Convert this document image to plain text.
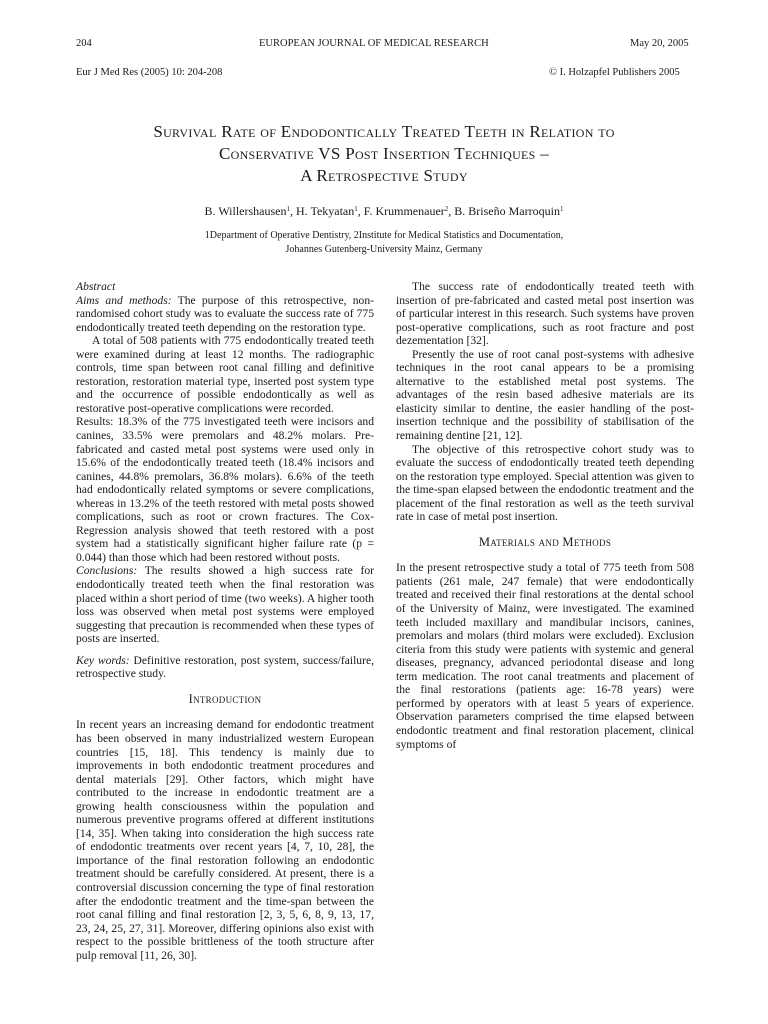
204	EUROPEAN JOURNAL OF MEDICAL RESEARCH	May 20, 2005
Eur J Med Res (2005) 10: 204-208	© I. Holzapfel Publishers 2005
Survival Rate of Endodontically Treated Teeth in Relation to
Conservative VS Post Insertion Techniques –
A Retrospective Study
B. Willershausen$^1$, H. Tekyatan$^1$, F. Krummenauer$^2$, B. Briseño Marroquin$^1$
1Department of Operative Dentistry, 2Institute for Medical Statistics and Documentation,
Johannes Gutenberg-University Mainz, Germany

Abstract

Aims and methods: The purpose of this retrospective, non-randomised cohort study was to evaluate the success rate of 775 endodontically treated teeth depending on the restoration type.

A total of 508 patients with 775 endodontically treated teeth were examined during at least 12 months. The radiographic controls, time span between root canal filling and definitive restoration, restoration material type, inserted post system type and the occurrence of possible endodontically as well as restorative post-operative complications were recorded.

Results: 18.3% of the 775 investigated teeth were incisors and canines, 33.5% were premolars and 48.2% molars. Pre-fabricated and casted metal post systems were used only in 15.6% of the endodontically treated teeth (18.4% incisors and canines, 44.8% premolars, 36.8% molars). 6.6% of the teeth had endodontically related symptoms or severe complications, whereas in 13.2% of the teeth restored with metal posts showed complications, such as root or crown fractures. The Cox-Regression analysis showed that teeth restored with a post system had a statistically significant higher failure rate (p = 0.044) than those which had been restored without posts.

Conclusions: The results showed a high success rate for endodontically treated teeth when the final restoration was placed within a short period of time (two weeks). A higher tooth loss was observed when metal post systems were employed suggesting that precaution is recommended when these types of posts are inserted.

Key words: Definitive restoration, post system, success/failure, retrospective study.

Introduction

In recent years an increasing demand for endodontic treatment has been observed in many industrialized western European countries [15, 18]. This tendency is mainly due to improvements in both endodontic treatment procedures and dental materials [29]. Other factors, which might have contributed to the increase in endodontic treatment are a growing health consciousness within the population and numerous preventive programs offered at different institutions [14, 35]. When taking into consideration the high success rate of endodontic treatments over recent years [4, 7, 10, 28], the importance of the final restoration following an endodontic treatment should be carefully considered. At present, there is a controversial discussion concerning the type of final restoration after the endodontic treatment and the time-span between the root canal filling and final restoration [2, 3, 5, 6, 8, 9, 13, 17, 23, 24, 25, 27, 31]. Moreover, differing opinions also exist with respect to the possible brittleness of the tooth structure after pulp removal [11, 26, 30].

The success rate of endodontically treated teeth with insertion of pre-fabricated and casted metal post insertion was of particular interest in this research. Such systems have proven post-operative complications, such as root fracture and post dezementation [32].

Presently the use of root canal post-systems with adhesive techniques in the root canal appears to be a promising alternative to the established metal post systems. The advantages of the resin based adhesive materials are its elasticity similar to dentine, the easier handling of the post-insertion technique and the possibility of stabilisation of the remaining dentine [21, 12].

The objective of this retrospective cohort study was to evaluate the success of endodontically treated teeth depending on the restoration type employed. Special attention was given to the time-span elapsed between the endodontic treatment and the placement of the final restoration as well as the teeth survival rate in case of metal post insertion.

Materials and Methods

In the present retrospective study a total of 775 teeth from 508 patients (261 male, 247 female) that were endodontically treated and received their final restorations at the dental school of the University of Mainz, were investigated. The examined teeth included maxillary and mandibular incisors, canines, premolars and molars (third molars were excluded). Exclusion citeria from this study were patients with systemic and general diseases, pregnancy, advanced periodontal disease and long term medication. The root canal treatments and placement of the final restorations (patients age: 16-78 years) were performed by operators with at least 5 years of experience. Observation parameters comprised the time elapsed between endodontic treatment and final restoration placement, clinical symptoms of
